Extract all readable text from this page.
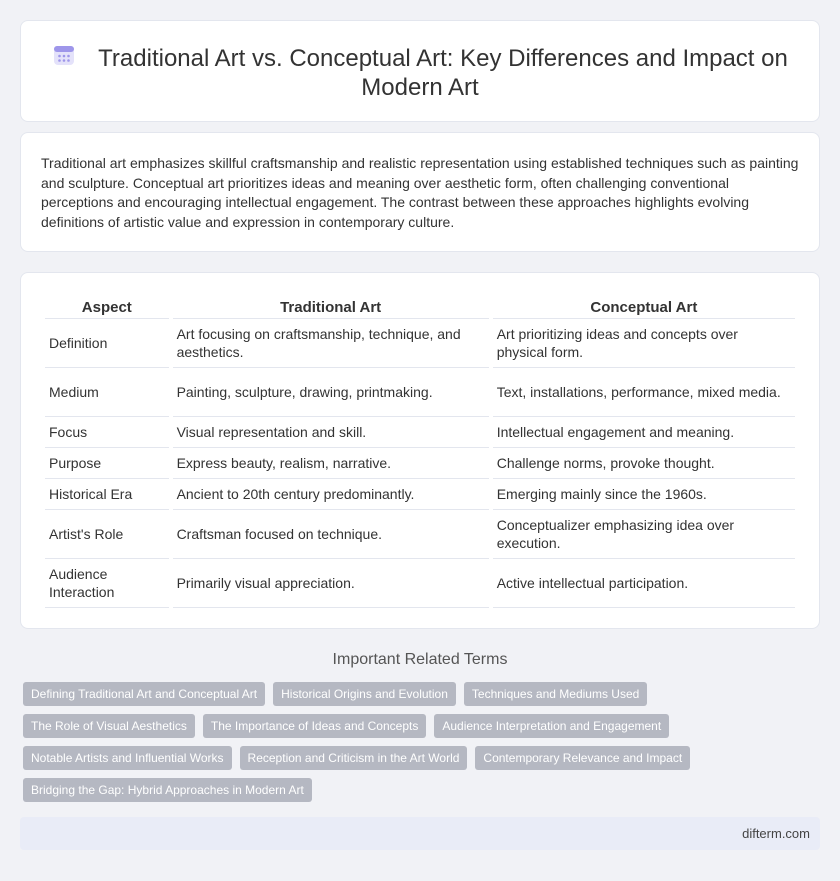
Traditional Art vs. Conceptual Art: Key Differences and Impact on Modern Art

Traditional art emphasizes skillful craftsmanship and realistic representation using established techniques such as painting and sculpture. Conceptual art prioritizes ideas and meaning over aesthetic form, often challenging conventional perceptions and encouraging intellectual engagement. The contrast between these approaches highlights evolving definitions of artistic value and expression in contemporary culture.

Aspect	Traditional Art	Conceptual Art
Definition	Art focusing on craftsmanship, technique, and aesthetics.	Art prioritizing ideas and concepts over physical form.
Medium	Painting, sculpture, drawing, printmaking.	Text, installations, performance, mixed media.
Focus	Visual representation and skill.	Intellectual engagement and meaning.
Purpose	Express beauty, realism, narrative.	Challenge norms, provoke thought.
Historical Era	Ancient to 20th century predominantly.	Emerging mainly since the 1960s.
Artist's Role	Craftsman focused on technique.	Conceptualizer emphasizing idea over execution.
Audience Interaction	Primarily visual appreciation.	Active intellectual participation.
Important Related Terms
Defining Traditional Art and Conceptual Art	Historical Origins and Evolution	Techniques and Mediums Used
The Role of Visual Aesthetics	The Importance of Ideas and Concepts	Audience Interpretation and Engagement
Notable Artists and Influential Works	Reception and Criticism in the Art World	Contemporary Relevance and Impact
Bridging the Gap: Hybrid Approaches in Modern Art
difterm.com
